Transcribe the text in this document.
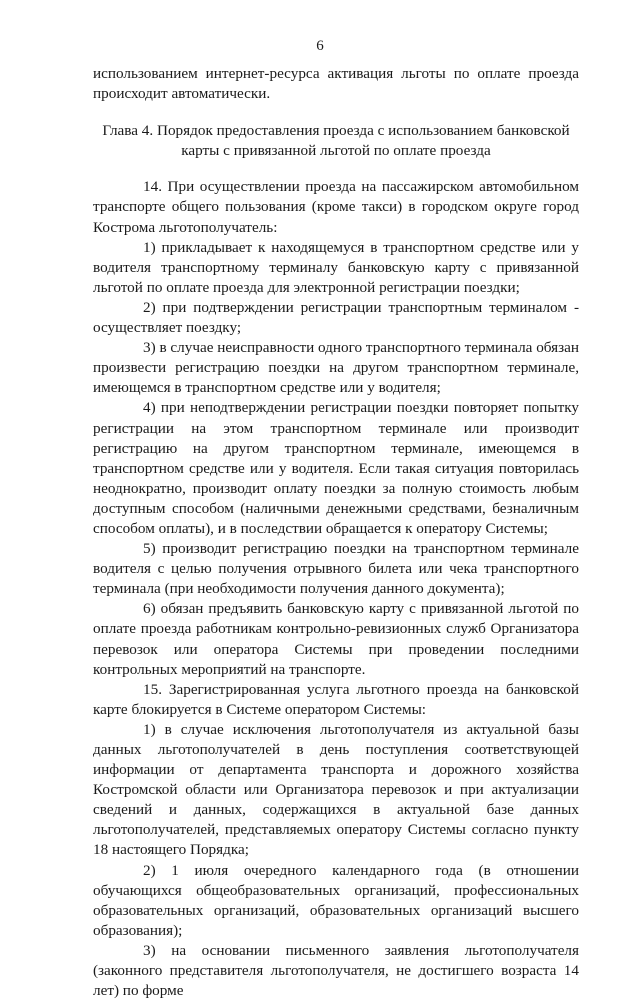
6

использованием интернет-ресурса активация льготы по оплате проезда происходит автоматически.

Глава 4. Порядок предоставления проезда с использованием банковской карты с привязанной льготой по оплате проезда

14. При осуществлении проезда на пассажирском автомобильном транспорте общего пользования (кроме такси) в городском округе город Кострома льготополучатель:

1) прикладывает к находящемуся в транспортном средстве или у водителя транспортному терминалу банковскую карту с привязанной льготой по оплате проезда для электронной регистрации поездки;

2) при подтверждении регистрации транспортным терминалом - осуществляет поездку;

3) в случае неисправности одного транспортного терминала обязан произвести регистрацию поездки на другом транспортном терминале, имеющемся в транспортном средстве или у водителя;

4) при неподтверждении регистрации поездки повторяет попытку регистрации на этом транспортном терминале или производит регистрацию на другом транспортном терминале, имеющемся в транспортном средстве или у водителя. Если такая ситуация повторилась неоднократно, производит оплату поездки за полную стоимость любым доступным способом (наличными денежными средствами, безналичным способом оплаты), и в последствии обращается к оператору Системы;

5) производит регистрацию поездки на транспортном терминале водителя с целью получения отрывного билета или чека транспортного терминала (при необходимости получения данного документа);

6) обязан предъявить банковскую карту с привязанной льготой по оплате проезда работникам контрольно-ревизионных служб Организатора перевозок или оператора Системы при проведении последними контрольных мероприятий на транспорте.

15. Зарегистрированная услуга льготного проезда на банковской карте блокируется в Системе оператором Системы:

1) в случае исключения льготополучателя из актуальной базы данных льготополучателей в день поступления соответствующей информации от департамента транспорта и дорожного хозяйства Костромской области или Организатора перевозок и при актуализации сведений и данных, содержащихся в актуальной базе данных льготополучателей, представляемых оператору Системы согласно пункту 18 настоящего Порядка;

2) 1 июля очередного календарного года (в отношении обучающихся общеобразовательных организаций, профессиональных образовательных организаций, образовательных организаций высшего образования);

3) на основании письменного заявления льготополучателя (законного представителя льготополучателя, не достигшего возраста 14 лет) по форме
